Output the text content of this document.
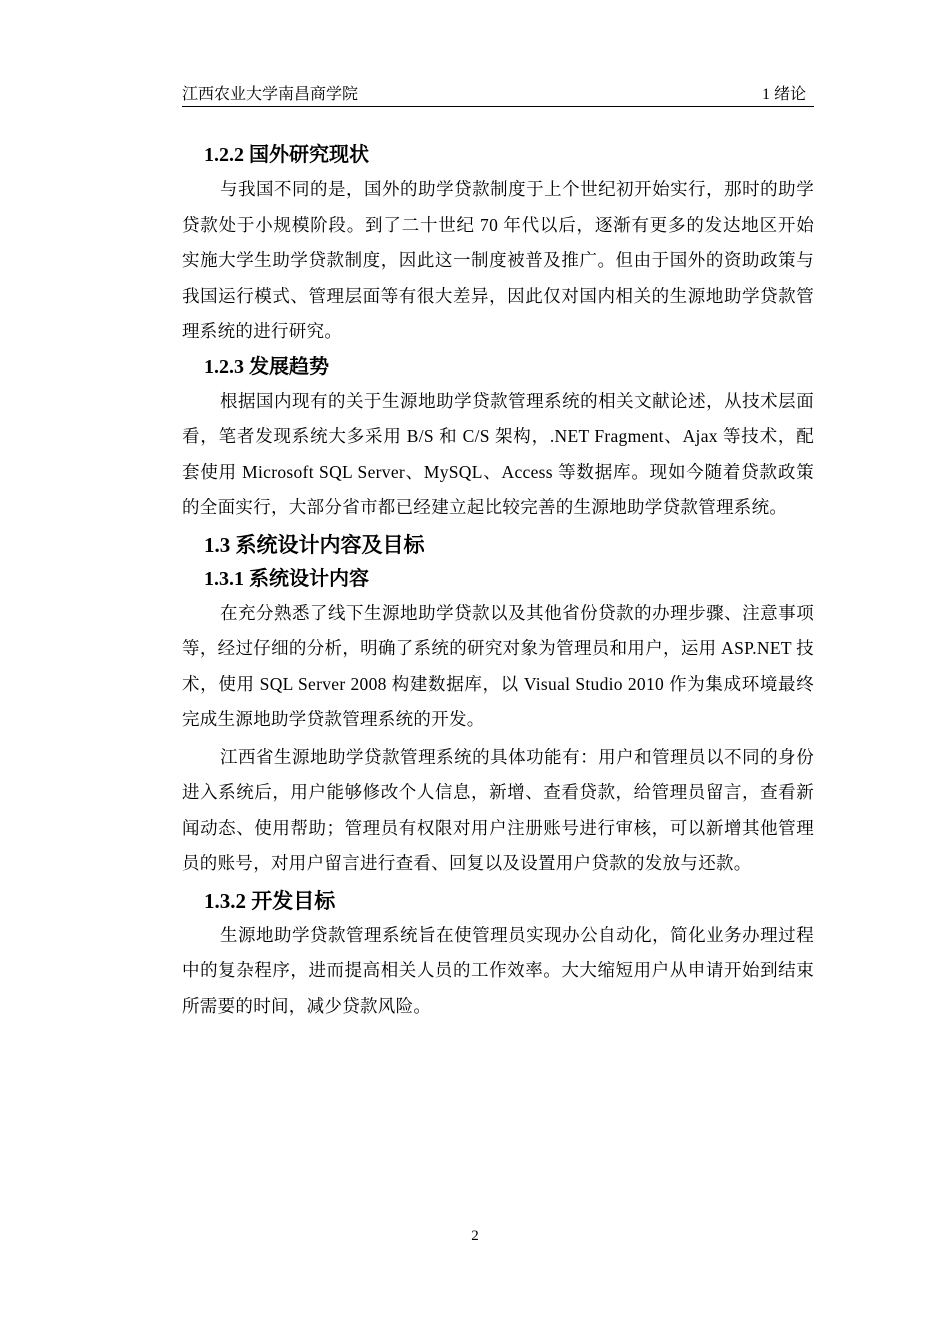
江西农业大学南昌商学院	1 绪论
1.2.2 国外研究现状

与我国不同的是，国外的助学贷款制度于上个世纪初开始实行，那时的助学贷款处于小规模阶段。到了二十世纪 70 年代以后，逐渐有更多的发达地区开始实施大学生助学贷款制度，因此这一制度被普及推广。但由于国外的资助政策与我国运行模式、管理层面等有很大差异，因此仅对国内相关的生源地助学贷款管理系统的进行研究。

1.2.3 发展趋势

根据国内现有的关于生源地助学贷款管理系统的相关文献论述，从技术层面看，笔者发现系统大多采用 B/S 和 C/S 架构，.NET Fragment、Ajax 等技术，配套使用 Microsoft SQL Server、MySQL、Access 等数据库。现如今随着贷款政策的全面实行，大部分省市都已经建立起比较完善的生源地助学贷款管理系统。

1.3 系统设计内容及目标
1.3.1 系统设计内容

在充分熟悉了线下生源地助学贷款以及其他省份贷款的办理步骤、注意事项等，经过仔细的分析，明确了系统的研究对象为管理员和用户，运用 ASP.NET 技术，使用 SQL Server 2008 构建数据库，以 Visual Studio 2010 作为集成环境最终完成生源地助学贷款管理系统的开发。

江西省生源地助学贷款管理系统的具体功能有：用户和管理员以不同的身份进入系统后，用户能够修改个人信息，新增、查看贷款，给管理员留言，查看新闻动态、使用帮助；管理员有权限对用户注册账号进行审核，可以新增其他管理员的账号，对用户留言进行查看、回复以及设置用户贷款的发放与还款。

1.3.2 开发目标

生源地助学贷款管理系统旨在使管理员实现办公自动化，简化业务办理过程中的复杂程序，进而提高相关人员的工作效率。大大缩短用户从申请开始到结束所需要的时间，减少贷款风险。

2
